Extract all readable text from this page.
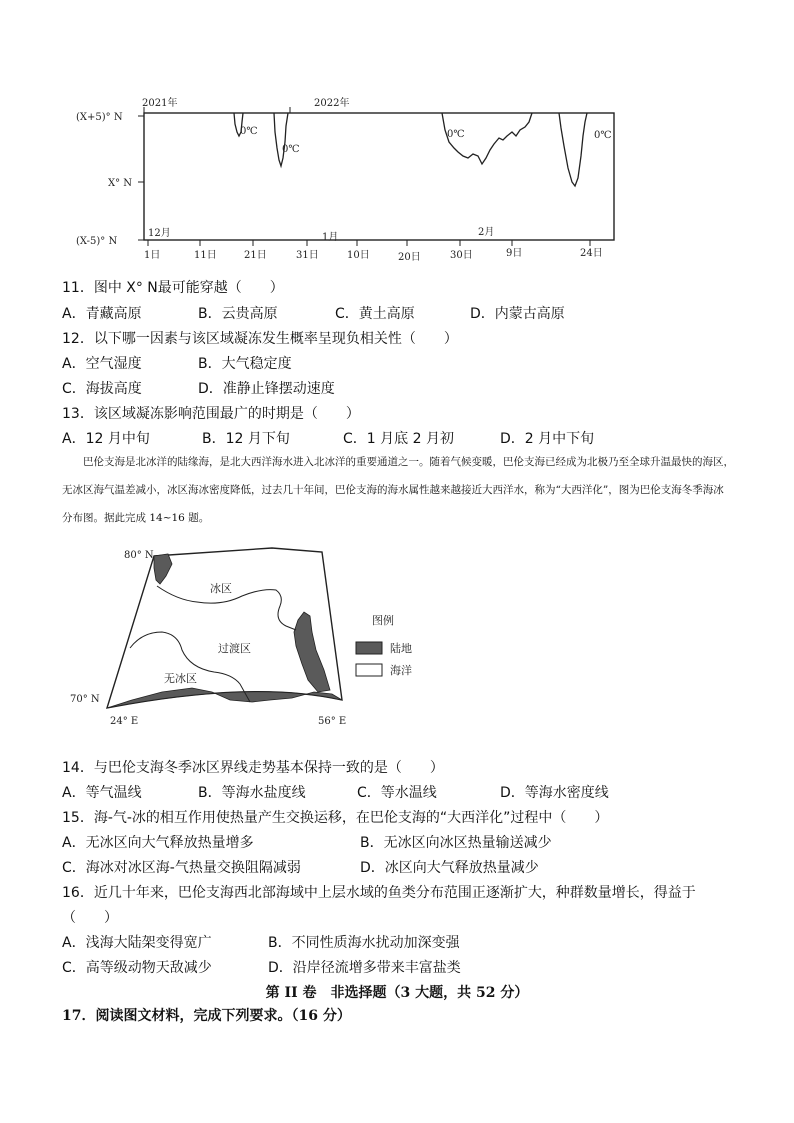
(X+5)° N
X° N
(X-5)° N
2021年	2022年
12月	1月	2月
1日	11日	21日	31日	10日	20日	30日	9日	24日
0℃
0℃
0℃	0℃
11．图中 X° N最可能穿越（　　）
A．青藏高原	B．云贵高原	C．黄土高原	D．内蒙古高原
12．以下哪一因素与该区域凝冻发生概率呈现负相关性（　　）
A．空气湿度	B．大气稳定度
C．海拔高度	D．准静止锋摆动速度
13．该区域凝冻影响范围最广的时期是（　　）
A．12 月中旬	B．12 月下旬	C．1 月底 2 月初	D．2 月中下旬

巴伦支海是北冰洋的陆缘海，是北大西洋海水进入北冰洋的重要通道之一。随着气候变暖，巴伦支海已经成为北极乃至全球升温最快的海区，无冰区海气温差减小，冰区海冰密度降低，过去几十年间，巴伦支海的海水属性越来越接近大西洋水，称为“大西洋化”，图为巴伦支海冬季海冰分布图。据此完成 14~16 题。

冰区
过渡区
无冰区
80° N
70° N
24° E	56° E
图例
陆地
海洋
14．与巴伦支海冬季冰区界线走势基本保持一致的是（　　）
A．等气温线	B．等海水盐度线	C．等水温线	D．等海水密度线
15．海-气-冰的相互作用使热量产生交换运移，在巴伦支海的“大西洋化”过程中（　　）
A．无冰区向大气释放热量增多	B．无冰区向冰区热量输送减少
C．海冰对冰区海-气热量交换阻隔减弱	D．冰区向大气释放热量减少
16．近几十年来，巴伦支海西北部海域中上层水域的鱼类分布范围正逐渐扩大，种群数量增长，得益于
（　　）
A．浅海大陆架变得宽广	B．不同性质海水扰动加深变强
C．高等级动物天敌减少	D．沿岸径流增多带来丰富盐类
第 II 卷　非选择题（3 大题，共 52 分）
17．阅读图文材料，完成下列要求。（16 分）
